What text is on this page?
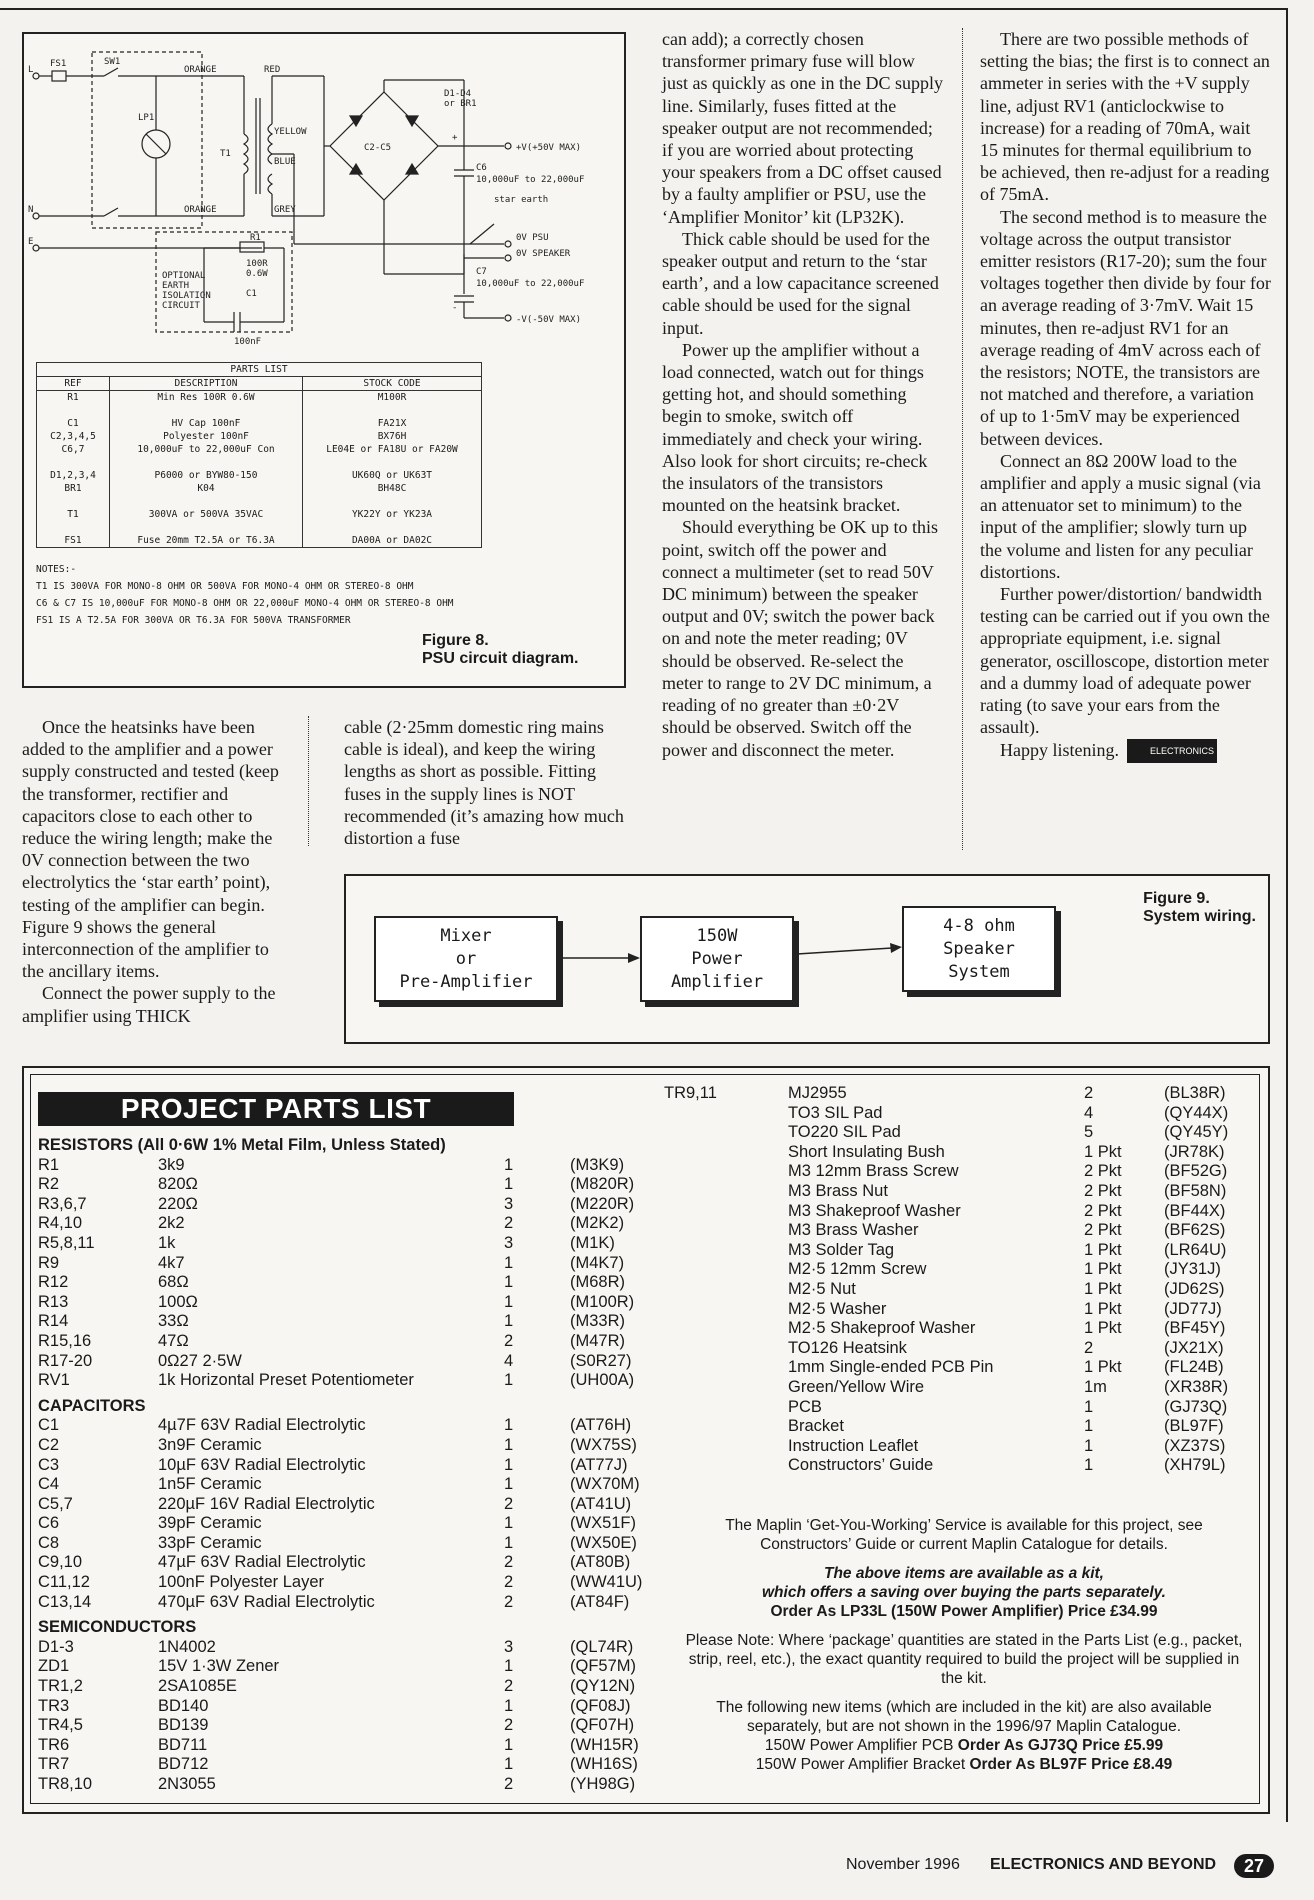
L
FS1	SW1
N
E
LP1
T1
ORANGE
ORANGE
RED
YELLOW
BLUE
GREY
D1-D4
or BR1
C2-C5
+
C6
10,000uF to 22,000uF
star earth
+V(+50V MAX)
0V PSU
0V SPEAKER
C7
10,000uF to 22,000uF
-V(-50V MAX)
-
R1
100R
0.6W
C1
100nF
OPTIONAL
EARTH
ISOLATION
CIRCUIT
PARTS LIST		
REF	DESCRIPTION	STOCK CODE
R1	Min Res 100R 0.6W	M100R

C1	HV Cap 100nF	FA21X
C2,3,4,5	Polyester 100nF	BX76H
C6,7	10,000uF to 22,000uF Con	LE04E or FA18U or FA20W

D1,2,3,4	P6000 or BYW80-150	UK60Q or UK63T
BR1	K04	BH48C

T1	300VA or 500VA 35VAC	YK22Y or YK23A

FS1	Fuse 20mm T2.5A or T6.3A	DA00A or DA02C

NOTES:-

T1 IS 300VA FOR MONO-8 OHM OR 500VA FOR MONO-4 OHM OR STEREO-8 OHM

C6 & C7 IS 10,000uF FOR MONO-8 OHM OR 22,000uF MONO-4 OHM OR STEREO-8 OHM

FS1 IS A T2.5A FOR 300VA OR T6.3A FOR 500VA TRANSFORMER

Figure 8.
PSU circuit diagram.

can add); a correctly chosen transformer primary fuse will blow just as quickly as one in the DC supply line. Similarly, fuses fitted at the speaker output are not recommended; if you are worried about protecting your speakers from a DC offset caused by a faulty amplifier or PSU, use the ‘Amplifier Monitor’ kit (LP32K).

Thick cable should be used for the speaker output and return to the ‘star earth’, and a low capacitance screened cable should be used for the signal input.

Power up the amplifier without a load connected, watch out for things getting hot, and should something begin to smoke, switch off immediately and check your wiring. Also look for short circuits; re-check the insulators of the transistors mounted on the heatsink bracket.

Should everything be OK up to this point, switch off the power and connect a multimeter (set to read 50V DC minimum) between the speaker output and 0V; switch the power back on and note the meter reading; 0V should be observed. Re-select the meter to range to 2V DC minimum, a reading of no greater than ±0·2V should be observed. Switch off the power and disconnect the meter.

There are two possible methods of setting the bias; the first is to connect an ammeter in series with the +V supply line, adjust RV1 (anticlockwise to increase) for a reading of 70mA, wait 15 minutes for thermal equilibrium to be achieved, then re-adjust for a reading of 75mA.

The second method is to measure the voltage across the output transistor emitter resistors (R17-20); sum the four voltages together then divide by four for an average reading of 3·7mV. Wait 15 minutes, then re-adjust RV1 for an average reading of 4mV across each of the resistors; NOTE, the transistors are not matched and therefore, a variation of up to 1·5mV may be experienced between devices.

Connect an 8Ω 200W load to the amplifier and apply a music signal (via an attenuator set to minimum) to the input of the amplifier; slowly turn up the volume and listen for any peculiar distortions.

Further power/distortion/ bandwidth testing can be carried out if you own the appropriate equipment, i.e. signal generator, oscilloscope, distortion meter and a dummy load of adequate power rating (to save your ears from the assault).

Happy listening.	ELECTRONICS

Once the heatsinks have been added to the amplifier and a power supply constructed and tested (keep the transformer, rectifier and capacitors close to each other to reduce the wiring length; make the 0V connection between the two electrolytics the ‘star earth’ point), testing of the amplifier can begin. Figure 9 shows the general interconnection of the amplifier to the ancillary items.

Connect the power supply to the amplifier using THICK

cable (2·25mm domestic ring mains cable is ideal), and keep the wiring lengths as short as possible. Fitting fuses in the supply lines is NOT recommended (it’s amazing how much distortion a fuse

Mixer
or
Pre-Amplifier
150W
Power
Amplifier
4-8 ohm
Speaker
System
Figure 9.
System wiring.
PROJECT PARTS LIST
RESISTORS (All 0·6W 1% Metal Film, Unless Stated)
R1	3k9	1	(M3K9)
R2	820Ω	1	(M820R)
R3,6,7	220Ω	3	(M220R)
R4,10	2k2	2	(M2K2)
R5,8,11	1k	3	(M1K)
R9	4k7	1	(M4K7)
R12	68Ω	1	(M68R)
R13	100Ω	1	(M100R)
R14	33Ω	1	(M33R)
R15,16	47Ω	2	(M47R)
R17-20	0Ω27 2·5W	4	(S0R27)
RV1	1k Horizontal Preset Potentiometer	1	(UH00A)
CAPACITORS
C1	4µ7F 63V Radial Electrolytic	1	(AT76H)
C2	3n9F Ceramic	1	(WX75S)
C3	10µF 63V Radial Electrolytic	1	(AT77J)
C4	1n5F Ceramic	1	(WX70M)
C5,7	220µF 16V Radial Electrolytic	2	(AT41U)
C6	39pF Ceramic	1	(WX51F)
C8	33pF Ceramic	1	(WX50E)
C9,10	47µF 63V Radial Electrolytic	2	(AT80B)
C11,12	100nF Polyester Layer	2	(WW41U)
C13,14	470µF 63V Radial Electrolytic	2	(AT84F)
SEMICONDUCTORS
D1-3	1N4002	3	(QL74R)
ZD1	15V 1·3W Zener	1	(QF57M)
TR1,2	2SA1085E	2	(QY12N)
TR3	BD140	1	(QF08J)
TR4,5	BD139	2	(QF07H)
TR6	BD711	1	(WH15R)
TR7	BD712	1	(WH16S)
TR8,10	2N3055	2	(YH98G)
TR9,11	MJ2955	2	(BL38R)
TO3 SIL Pad	4	(QY44X)
TO220 SIL Pad	5	(QY45Y)
Short Insulating Bush	1 Pkt	(JR78K)
M3 12mm Brass Screw	2 Pkt	(BF52G)
M3 Brass Nut	2 Pkt	(BF58N)
M3 Shakeproof Washer	2 Pkt	(BF44X)
M3 Brass Washer	2 Pkt	(BF62S)
M3 Solder Tag	1 Pkt	(LR64U)
M2·5 12mm Screw	1 Pkt	(JY31J)
M2·5 Nut	1 Pkt	(JD62S)
M2·5 Washer	1 Pkt	(JD77J)
M2·5 Shakeproof Washer	1 Pkt	(BF45Y)
TO126 Heatsink	2	(JX21X)
1mm Single-ended PCB Pin	1 Pkt	(FL24B)
Green/Yellow Wire	1m	(XR38R)
PCB	1	(GJ73Q)
Bracket	1	(BL97F)
Instruction Leaflet	1	(XZ37S)
Constructors’ Guide	1	(XH79L)

The Maplin ‘Get-You-Working’ Service is available for this project, see Constructors’ Guide or current Maplin Catalogue for details.

The above items are available as a kit,
which offers a saving over buying the parts separately.
Order As LP33L (150W Power Amplifier) Price £34.99

Please Note: Where ‘package’ quantities are stated in the Parts List (e.g., packet, strip, reel, etc.), the exact quantity required to build the project will be supplied in the kit.

The following new items (which are included in the kit) are also available separately, but are not shown in the 1996/97 Maplin Catalogue.

150W Power Amplifier PCB Order As GJ73Q Price £5.99

150W Power Amplifier Bracket Order As BL97F Price £8.49

November 1996 ELECTRONICS AND BEYOND	27
